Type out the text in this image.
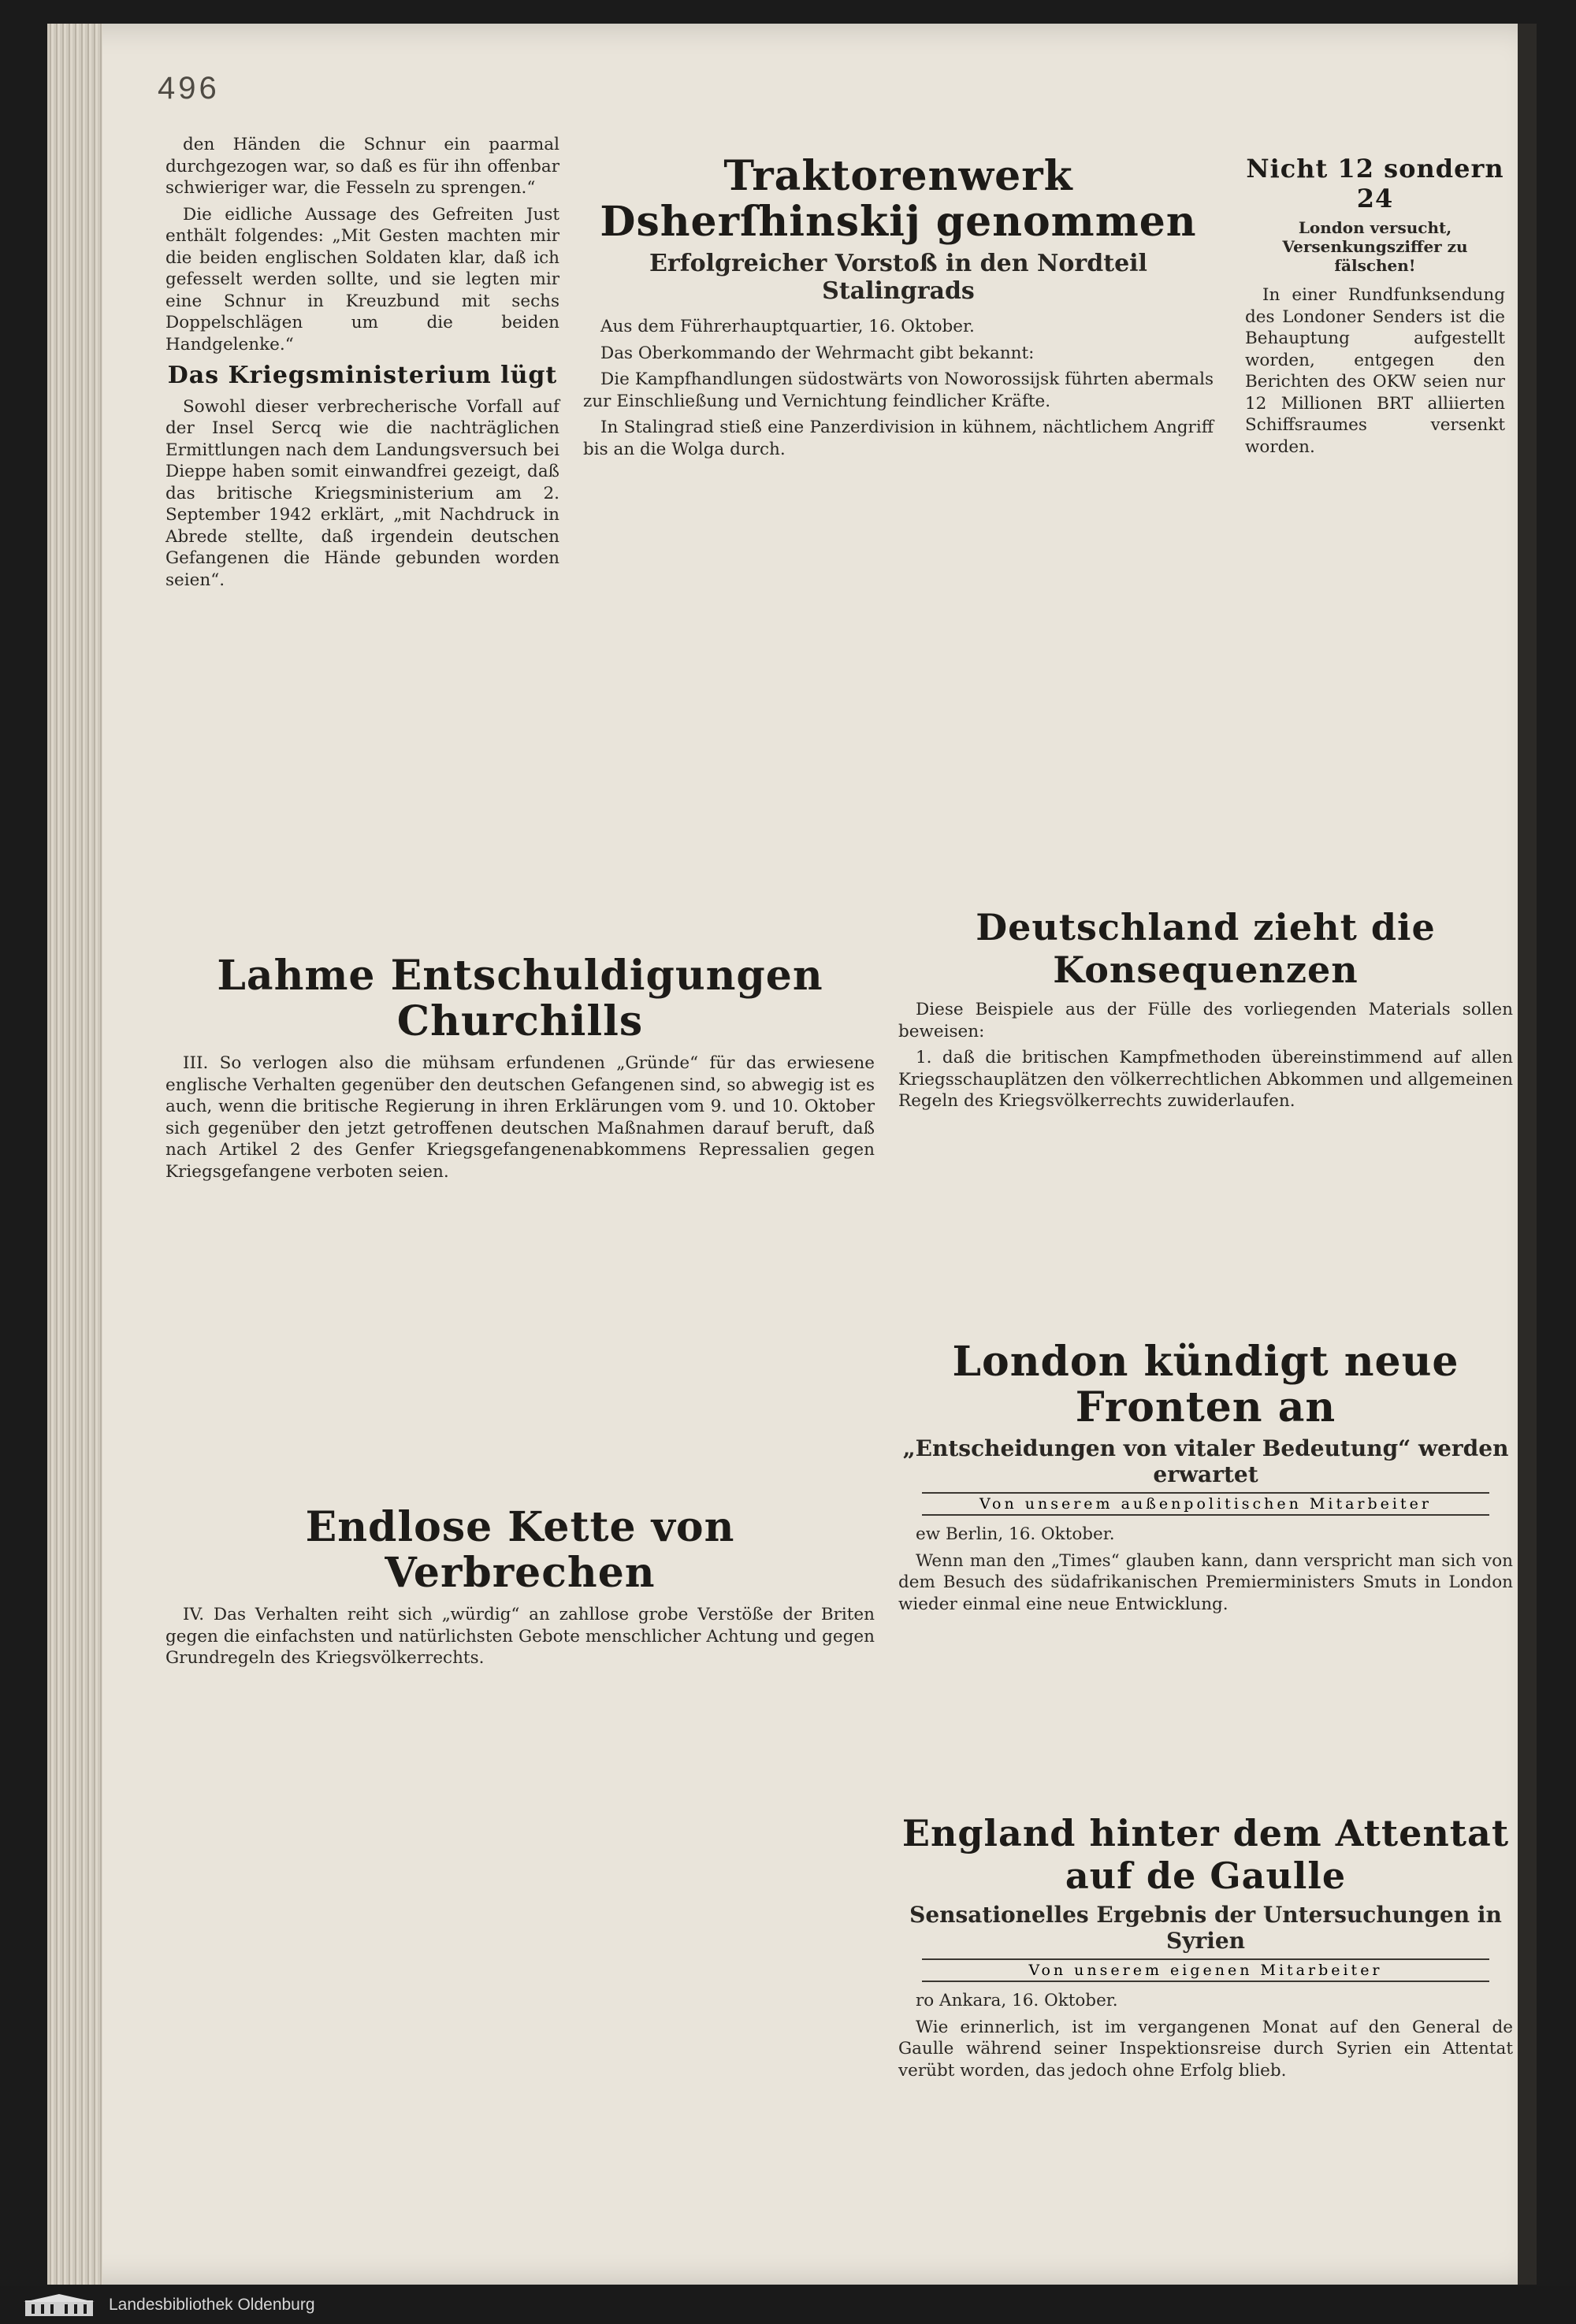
496

den Händen die Schnur ein paarmal durchgezogen war, so daß es für ihn offenbar schwieriger war, die Fesseln zu sprengen.“

Die eidliche Aussage des Gefreiten Just enthält folgendes: „Mit Gesten machten mir die beiden englischen Soldaten klar, daß ich gefesselt werden sollte, und sie legten mir eine Schnur in Kreuzbund mit sechs Doppelschlägen um die beiden Handgelenke.“

Das Kriegsministerium lügt

Sowohl dieser verbrecherische Vorfall auf der Insel Sercq wie die nachträglichen Ermittlungen nach dem Landungsversuch bei Dieppe haben somit einwandfrei gezeigt, daß das britische Kriegsministerium am 2. September 1942 erklärt, „mit Nachdruck in Abrede stellte, daß irgendein deutschen Gefangenen die Hände gebunden worden seien“.

Traktorenwerk Dsherſhinskij genommen
Erfolgreicher Vorstoß in den Nordteil Stalingrads

Aus dem Führerhauptquartier, 16. Oktober.

Das Oberkommando der Wehrmacht gibt bekannt:

Die Kampfhandlungen südostwärts von Noworossijsk führten abermals zur Einschließung und Vernichtung feindlicher Kräfte.

In Stalingrad stieß eine Panzerdivision in kühnem, nächtlichem Angriff bis an die Wolga durch.

Nicht 12 sondern 24
London versucht, Versenkungsziffer zu fälschen!

In einer Rundfunksendung des Londoner Senders ist die Behauptung aufgestellt worden, entgegen den Berichten des OKW seien nur 12 Millionen BRT alliierten Schiffsraumes versenkt worden.

Lahme Entschuldigungen Churchills

III. So verlogen also die mühsam erfundenen „Gründe“ für das erwiesene englische Verhalten gegenüber den deutschen Gefangenen sind, so abwegig ist es auch, wenn die britische Regierung in ihren Erklärungen vom 9. und 10. Oktober sich gegenüber den jetzt getroffenen deutschen Maßnahmen darauf beruft, daß nach Artikel 2 des Genfer Kriegsgefangenenabkommens Repressalien gegen Kriegsgefangene verboten seien.

Deutschland zieht die Konsequenzen

Diese Beispiele aus der Fülle des vorliegenden Materials sollen beweisen:

1. daß die britischen Kampfmethoden übereinstimmend auf allen Kriegsschauplätzen den völkerrechtlichen Abkommen und allgemeinen Regeln des Kriegsvölkerrechts zuwiderlaufen.

London kündigt neue Fronten an
„Entscheidungen von vitaler Bedeutung“ werden erwartet
Von unserem außenpolitischen Mitarbeiter

ew Berlin, 16. Oktober.

Wenn man den „Times“ glauben kann, dann verspricht man sich von dem Besuch des südafrikanischen Premierministers Smuts in London wieder einmal eine neue Entwicklung.

Endlose Kette von Verbrechen

IV. Das Verhalten reiht sich „würdig“ an zahllose grobe Verstöße der Briten gegen die einfachsten und natürlichsten Gebote menschlicher Achtung und gegen Grundregeln des Kriegsvölkerrechts.

England hinter dem Attentat auf de Gaulle
Sensationelles Ergebnis der Untersuchungen in Syrien
Von unserem eigenen Mitarbeiter

ro Ankara, 16. Oktober.

Wie erinnerlich, ist im vergangenen Monat auf den General de Gaulle während seiner Inspektionsreise durch Syrien ein Attentat verübt worden, das jedoch ohne Erfolg blieb.

Landesbibliothek Oldenburg
